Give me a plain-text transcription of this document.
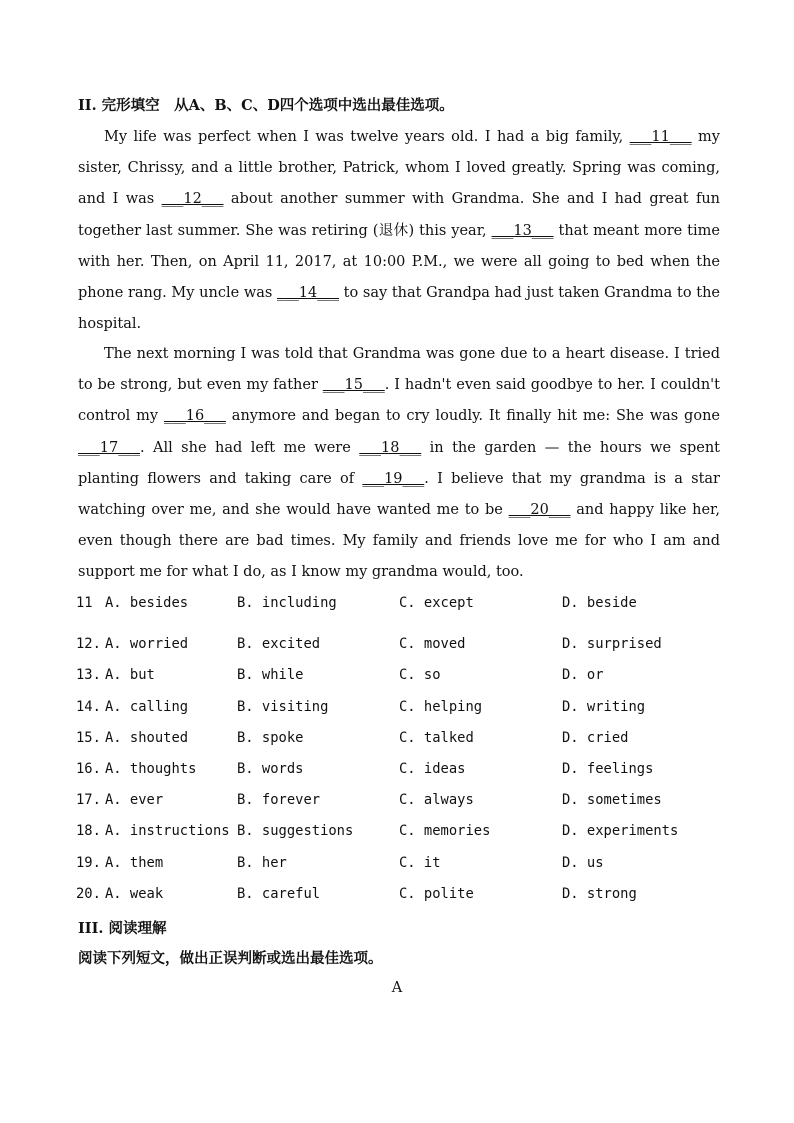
II. 完形填空　从A、B、C、D四个选项中选出最佳选项。
My life was perfect when I was twelve years old. I had a big family, ___11___ my sister, Chrissy, and a little brother, Patrick, whom I loved greatly. Spring was coming, and I was ___12___ about another summer with Grandma. She and I had great fun together last summer. She was retiring (退休) this year, ___13___ that meant more time with her. Then, on April 11, 2017, at 10:00 P.M., we were all going to bed when the phone rang. My uncle was ___14___ to say that Grandpa had just taken Grandma to the hospital.
The next morning I was told that Grandma was gone due to a heart disease. I tried to be strong, but even my father ___15___. I hadn't even said goodbye to her. I couldn't control my ___16___ anymore and began to cry loudly. It finally hit me: She was gone ___17___. All she had left me were ___18___ in the garden — the hours we spent planting flowers and taking care of ___19___. I believe that my grandma is a star watching over me, and she would have wanted me to be ___20___ and happy like her, even though there are bad times. My family and friends love me for who I am and support me for what I do, as I know my grandma would, too.
11 A. besides	B. including	C. except	D. beside
12. A. worried	B. excited	C. moved	D. surprised
13. A. but	B. while	C. so	D. or
14. A. calling	B. visiting	C. helping	D. writing
15. A. shouted	B. spoke	C. talked	D. cried
16. A. thoughts	B. words	C. ideas	D. feelings
17. A. ever	B. forever	C. always	D. sometimes
18. A. instructions B. suggestions	C. memories	D. experiments
19. A. them	B. her	C. it	D. us
20. A. weak	B. careful	C. polite	D. strong
III. 阅读理解
阅读下列短文，做出正误判断或选出最佳选项。
A
